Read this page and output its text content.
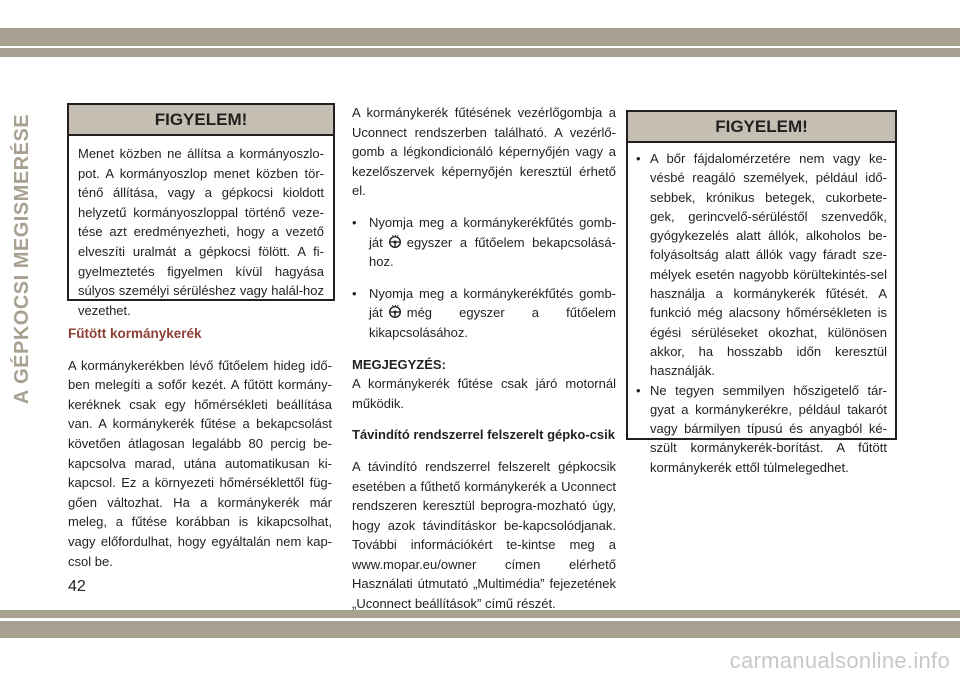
A GÉPKOCSI MEGISMERÉSE	FIGYELEM!
Menet közben ne állítsa a kormányoszlo-pot. A kormányoszlop menet közben tör-ténő állítása, vagy a gépkocsi kioldott helyzetű kormányoszloppal történő veze-tése azt eredményezheti, hogy a vezető elveszíti uralmát a gépkocsi fölött. A fi-gyelmeztetés figyelmen kívül hagyása súlyos személyi sérüléshez vagy halál-hoz vezethet.
Fűtött kormánykerék

A kormánykerékben lévő fűtőelem hideg idő-ben melegíti a sofőr kezét. A fűtött kormány-keréknek csak egy hőmérsékleti beállítása van. A kormánykerék fűtése a bekapcsolást követően átlagosan legalább 80 percig be-kapcsolva marad, utána automatikusan ki-kapcsol. Ez a környezeti hőmérséklettől füg-gően változhat. Ha a kormánykerék már meleg, a fűtése korábban is kikapcsolhat, vagy előfordulhat, hogy egyáltalán nem kap-csol be.

A kormánykerék fűtésének vezérlőgombja a Uconnect rendszerben található. A vezérlő-gomb a légkondicionáló képernyőjén vagy a kezelőszervek képernyőjén keresztül érhető el.

• Nyomja meg a kormánykerékfűtés gomb-ját egyszer a fűtőelem bekapcsolásá-hoz.
• Nyomja meg a kormánykerékfűtés gomb-ját még egyszer a fűtőelem kikapcsolásához.
MEGJEGYZÉS:

A kormánykerék fűtése csak járó motornál működik.

Távindító rendszerrel felszerelt gépko-csik

A távindító rendszerrel felszerelt gépkocsik esetében a fűthető kormánykerék a Uconnect rendszeren keresztül beprogra-mozható úgy, hogy azok távindításkor be-kapcsolódjanak. További információkért te-kintse meg a www.mopar.eu/owner címen elérhető Használati útmutató „Multimédia” fejezetének „Uconnect beállítások” című részét.

FIGYELEM!
• A bőr fájdalomérzetére nem vagy ke-vésbé reagáló személyek, például idő-sebbek, krónikus betegek, cukorbete-gek, gerincvelő-sérüléstől szenvedők, gyógykezelés alatt állók, alkoholos be-folyásoltság alatt állók vagy fáradt sze-mélyek esetén nagyobb körültekintés-sel használja a kormánykerék fűtését. A funkció még alacsony hőmérsékleten is égési sérüléseket okozhat, különösen akkor, ha hosszabb időn keresztül használják.
• Ne tegyen semmilyen hőszigetelő tár-gyat a kormánykerékre, például takarót vagy bármilyen típusú és anyagból ké-szült kormánykerék-borítást. A fűtött kormánykerék ettől túlmelegedhet.
42
carmanualsonline.info
